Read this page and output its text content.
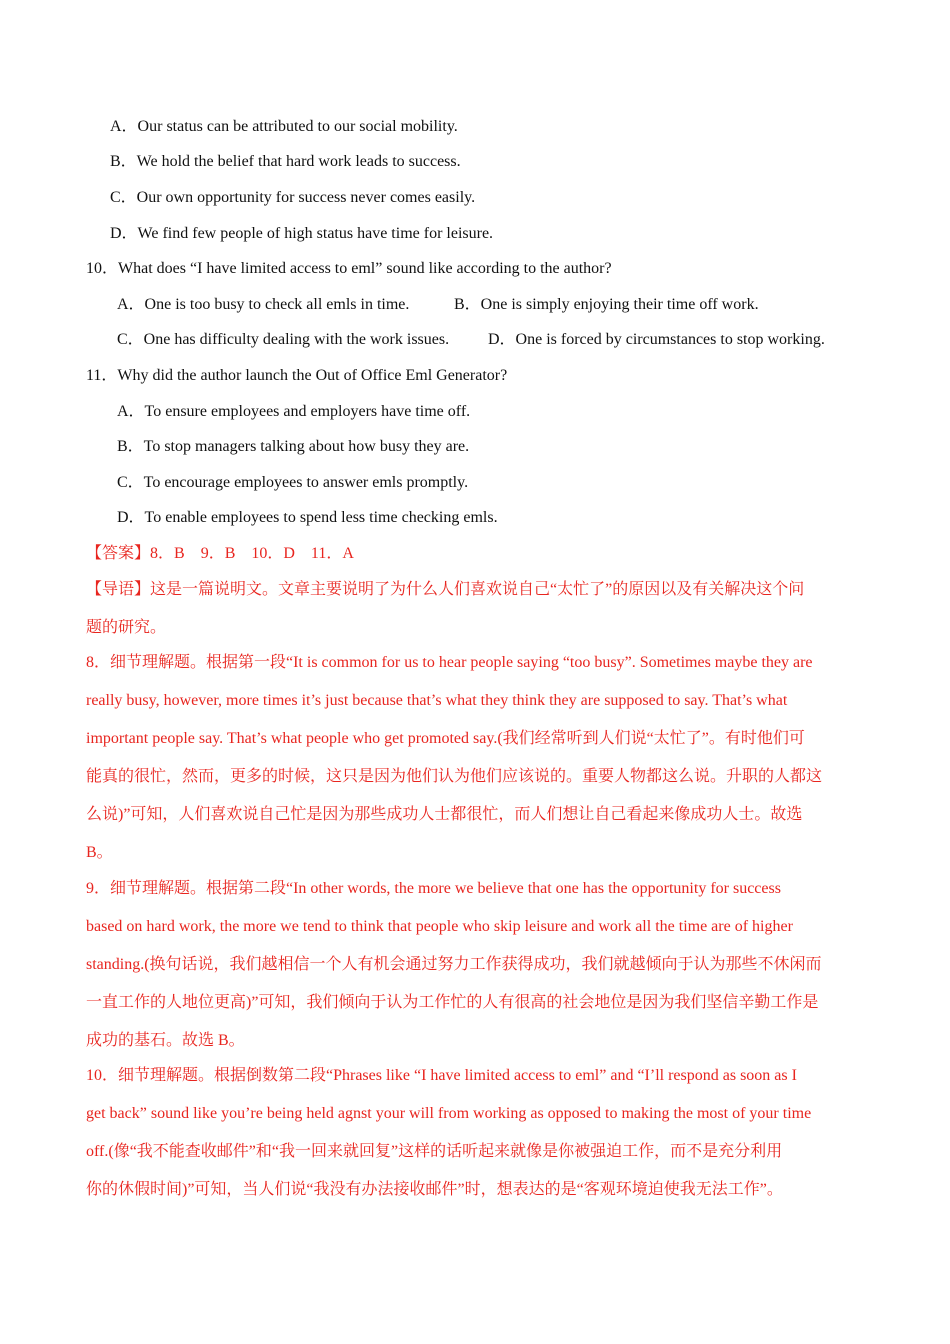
A．Our status can be attributed to our social mobility.
B．We hold the belief that hard work leads to success.
C．Our own opportunity for success never comes easily.
D．We find few people of high status have time for leisure.
10．What does “I have limited access to eml” sound like according to the author?
A．One is too busy to check all emls in time.	B．One is simply enjoying their time off work.
C．One has difficulty dealing with the work issues. D．One is forced by circumstances to stop working.
11．Why did the author launch the Out of Office Eml Generator?
A．To ensure employees and employers have time off.
B．To stop managers talking about how busy they are.
C．To encourage employees to answer emls promptly.
D．To enable employees to spend less time checking emls.
【答案】8．B　9．B　10．D　11．A
【导语】这是一篇说明文。文章主要说明了为什么人们喜欢说自己“太忙了”的原因以及有关解决这个问
题的研究。
8．细节理解题。根据第一段“It is common for us to hear people saying “too busy”. Sometimes maybe they are
really busy, however, more times it’s just because that’s what they think they are supposed to say. That’s what
important people say. That’s what people who get promoted say.(我们经常听到人们说“太忙了”。有时他们可
能真的很忙，然而，更多的时候，这只是因为他们认为他们应该说的。重要人物都这么说。升职的人都这
么说)”可知，人们喜欢说自己忙是因为那些成功人士都很忙，而人们想让自己看起来像成功人士。故选
B。
9．细节理解题。根据第二段“In other words, the more we believe that one has the opportunity for success
based on hard work, the more we tend to think that people who skip leisure and work all the time are of higher
standing.(换句话说，我们越相信一个人有机会通过努力工作获得成功，我们就越倾向于认为那些不休闲而
一直工作的人地位更高)”可知，我们倾向于认为工作忙的人有很高的社会地位是因为我们坚信辛勤工作是
成功的基石。故选 B。
10．细节理解题。根据倒数第二段“Phrases like “I have limited access to eml” and “I’ll respond as soon as I
get back” sound like you’re being held agnst your will from working as opposed to making the most of your time
off.(像“我不能查收邮件”和“我一回来就回复”这样的话听起来就像是你被强迫工作，而不是充分利用
你的休假时间)”可知，当人们说“我没有办法接收邮件”时，想表达的是“客观环境迫使我无法工作”。
